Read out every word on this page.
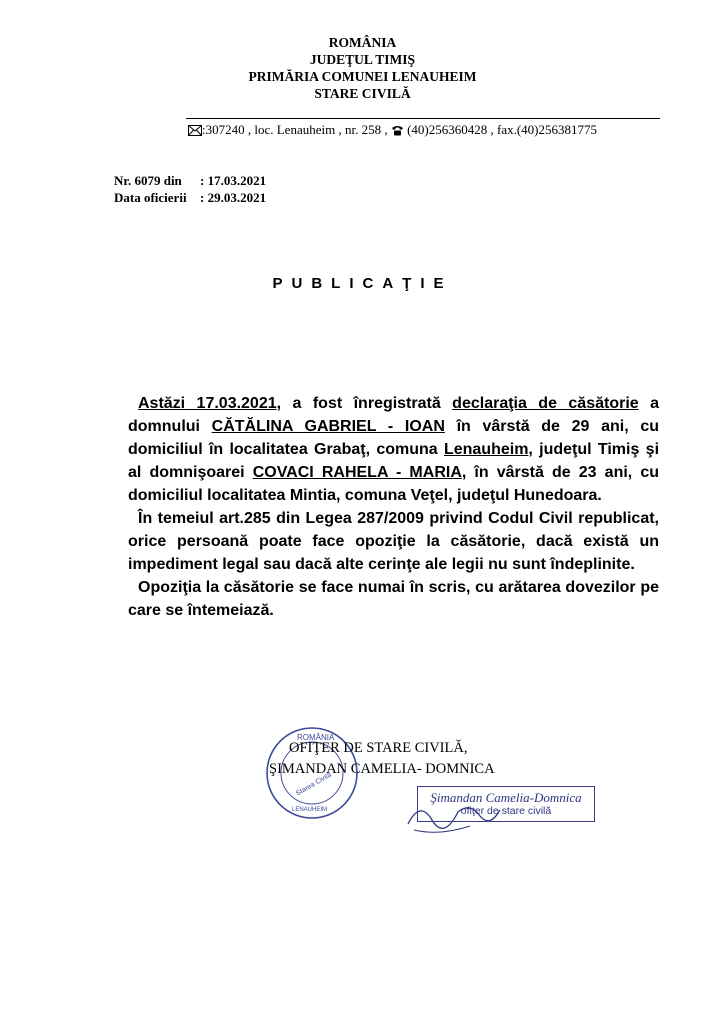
ROMÂNIA
JUDEŢUL TIMIŞ
PRIMĂRIA COMUNEI LENAUHEIM
STARE CIVILĂ
:307240 , loc. Lenauheim , nr. 258 ,  (40)256360428 , fax.(40)256381775
Nr. 6079 din : 17.03.2021
Data oficierii : 29.03.2021
PUBLICAŢIE

Astăzi 17.03.2021, a fost înregistrată declaraţia de căsătorie a domnului CĂTĂLINA GABRIEL - IOAN în vârstă de 29 ani, cu domiciliul în localitatea Grabaţ, comuna Lenauheim, judeţul Timiş şi al domnişoarei COVACI RAHELA - MARIA, în vârstă de 23 ani, cu domiciliul localitatea Mintia, comuna Veţel, judeţul Hunedoara.

În temeiul art.285 din Legea 287/2009 privind Codul Civil republicat, orice persoană poate face opoziţie la căsătorie, dacă există un impediment legal sau dacă alte cerinţe ale legii nu sunt îndeplinite.

Opoziţia la căsătorie se face numai în scris, cu arătarea dovezilor pe care se întemeiază.

ROMÂNIA
Starea Civilă
LENAUHEIM
OFIŢER DE STARE CIVILĂ,
ŞIMANDAN CAMELIA- DOMNICA
Şimandan Camelia-Domnica
ofiţer de stare civilă
